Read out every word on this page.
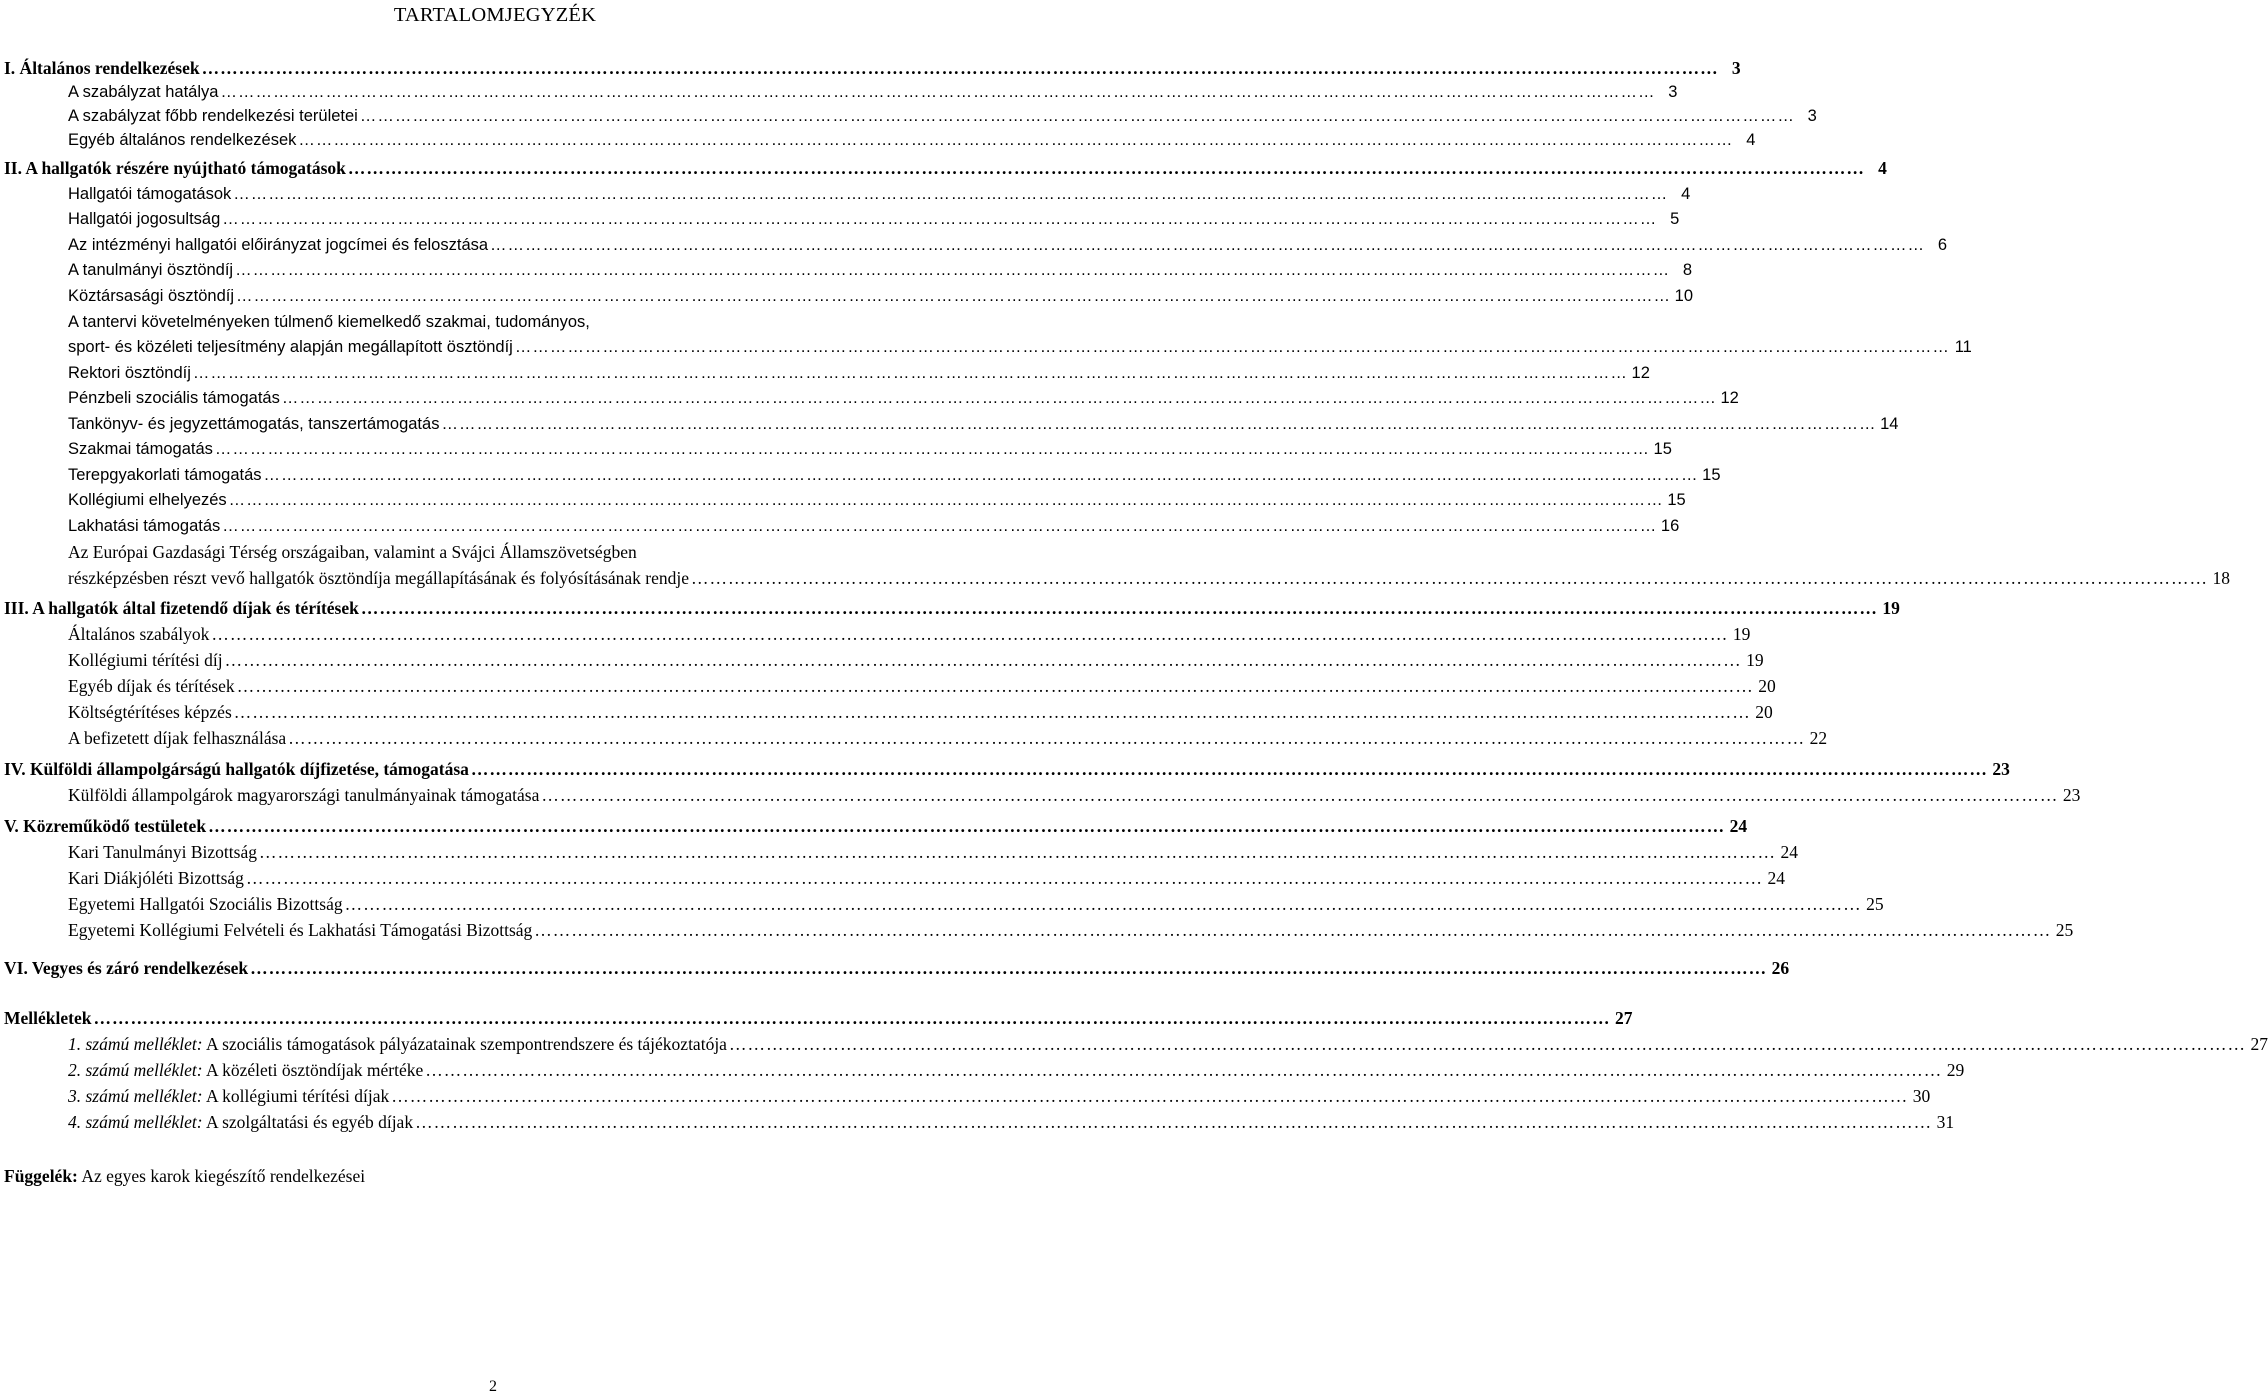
TARTALOMJEGYZÉK
I. Általános rendelkezések …………………………………………………………………………………………………………………………………………………………………………………………………………………………	3
A szabályzat hatálya …………………………………………………………………………………………………………………………………………………………………………………………………………………………	3
A szabályzat főbb rendelkezési területei …………………………………………………………………………………………………………………………………………………………………………………………………………………………	3
Egyéb általános rendelkezések …………………………………………………………………………………………………………………………………………………………………………………………………………………………	4
II. A hallgatók részére nyújtható támogatások …………………………………………………………………………………………………………………………………………………………………………………………………………………………	4
Hallgatói támogatások …………………………………………………………………………………………………………………………………………………………………………………………………………………………	4
Hallgatói jogosultság …………………………………………………………………………………………………………………………………………………………………………………………………………………………	5
Az intézményi hallgatói előirányzat jogcímei és felosztása …………………………………………………………………………………………………………………………………………………………………………………………………………………………	6
A tanulmányi ösztöndíj …………………………………………………………………………………………………………………………………………………………………………………………………………………………	8
Köztársasági ösztöndíj …………………………………………………………………………………………………………………………………………………………………………………………………………………………	10
A tantervi követelményeken túlmenő kiemelkedő szakmai, tudományos,
sport- és közéleti teljesítmény alapján megállapított ösztöndíj …………………………………………………………………………………………………………………………………………………………………………………………………………………………	11
Rektori ösztöndíj …………………………………………………………………………………………………………………………………………………………………………………………………………………………	12
Pénzbeli szociális támogatás …………………………………………………………………………………………………………………………………………………………………………………………………………………………	12
Tankönyv- és jegyzettámogatás, tanszertámogatás …………………………………………………………………………………………………………………………………………………………………………………………………………………………	14
Szakmai támogatás …………………………………………………………………………………………………………………………………………………………………………………………………………………………	15
Terepgyakorlati támogatás …………………………………………………………………………………………………………………………………………………………………………………………………………………………	15
Kollégiumi elhelyezés …………………………………………………………………………………………………………………………………………………………………………………………………………………………	15
Lakhatási támogatás …………………………………………………………………………………………………………………………………………………………………………………………………………………………	16
Az Európai Gazdasági Térség országaiban, valamint a Svájci Államszövetségben
részképzésben részt vevő hallgatók ösztöndíja megállapításának és folyósításának rendje …………………………………………………………………………………………………………………………………………………………………………………………………………………………	18
III. A hallgatók által fizetendő díjak és térítések …………………………………………………………………………………………………………………………………………………………………………………………………………………………	19
Általános szabályok …………………………………………………………………………………………………………………………………………………………………………………………………………………………	19
Kollégiumi térítési díj …………………………………………………………………………………………………………………………………………………………………………………………………………………………	19
Egyéb díjak és térítések …………………………………………………………………………………………………………………………………………………………………………………………………………………………	20
Költségtérítéses képzés …………………………………………………………………………………………………………………………………………………………………………………………………………………………	20
A befizetett díjak felhasználása …………………………………………………………………………………………………………………………………………………………………………………………………………………………	22
IV. Külföldi állampolgárságú hallgatók díjfizetése, támogatása …………………………………………………………………………………………………………………………………………………………………………………………………………………………	23
Külföldi állampolgárok magyarországi tanulmányainak támogatása …………………………………………………………………………………………………………………………………………………………………………………………………………………………	23
V. Közreműködő testületek …………………………………………………………………………………………………………………………………………………………………………………………………………………………	24
Kari Tanulmányi Bizottság …………………………………………………………………………………………………………………………………………………………………………………………………………………………	24
Kari Diákjóléti Bizottság …………………………………………………………………………………………………………………………………………………………………………………………………………………………	24
Egyetemi Hallgatói Szociális Bizottság …………………………………………………………………………………………………………………………………………………………………………………………………………………………	25
Egyetemi Kollégiumi Felvételi és Lakhatási Támogatási Bizottság …………………………………………………………………………………………………………………………………………………………………………………………………………………………	25
VI. Vegyes és záró rendelkezések …………………………………………………………………………………………………………………………………………………………………………………………………………………………	26
Mellékletek …………………………………………………………………………………………………………………………………………………………………………………………………………………………	27
1. számú melléklet: A szociális támogatások pályázatainak szempontrendszere és tájékoztatója …………………………………………………………………………………………………………………………………………………………………………………………………………………………	27
2. számú melléklet: A közéleti ösztöndíjak mértéke …………………………………………………………………………………………………………………………………………………………………………………………………………………………	29
3. számú melléklet: A kollégiumi térítési díjak …………………………………………………………………………………………………………………………………………………………………………………………………………………………	30
4. számú melléklet: A szolgáltatási és egyéb díjak …………………………………………………………………………………………………………………………………………………………………………………………………………………………	31
Függelék: Az egyes karok kiegészítő rendelkezései
2
